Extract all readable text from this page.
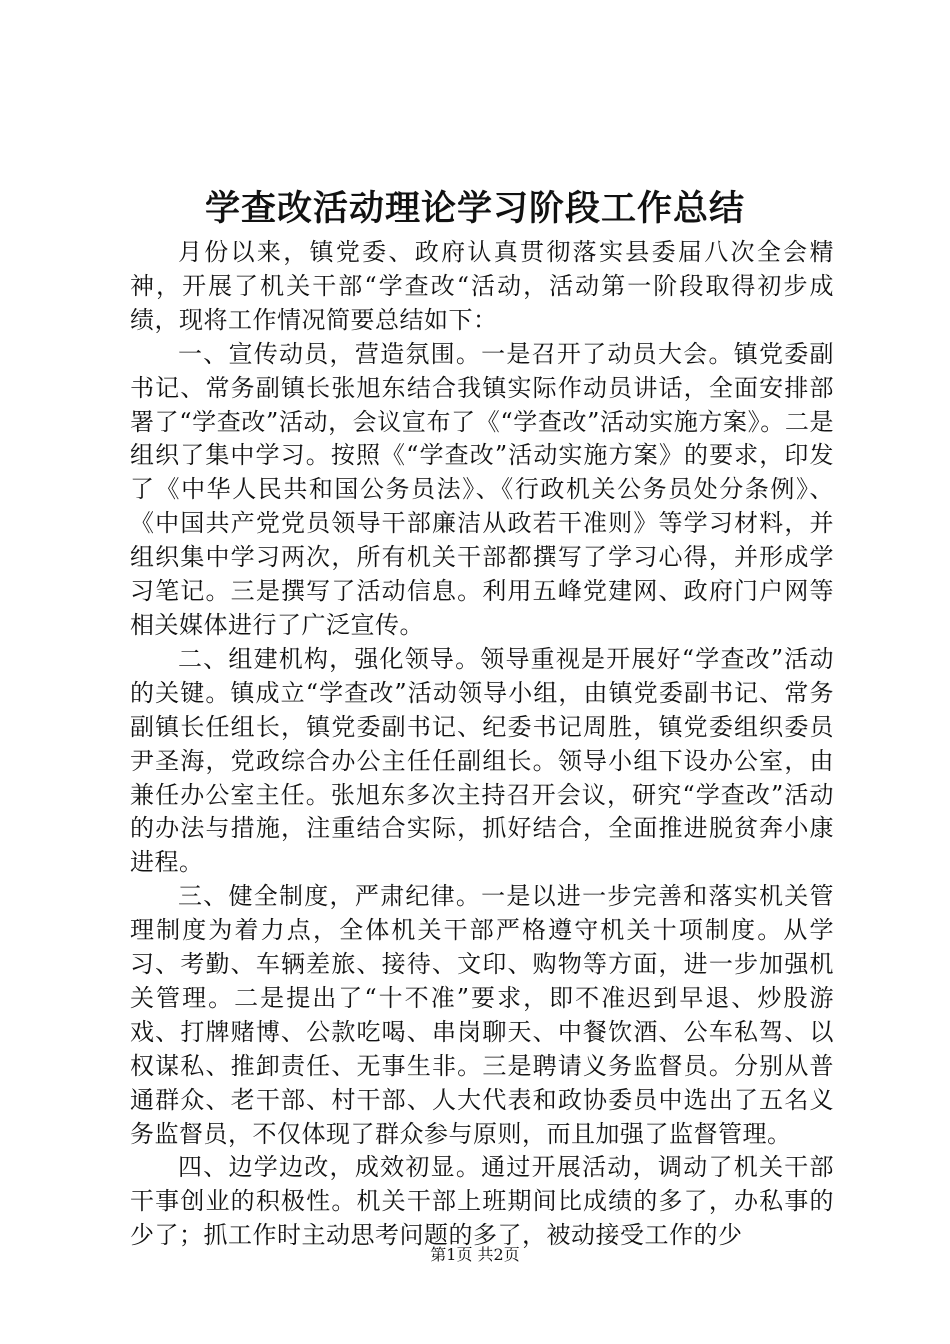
学查改活动理论学习阶段工作总结

月份以来，镇党委、政府认真贯彻落实县委届八次全会精神，开展了机关干部“学查改“活动，活动第一阶段取得初步成绩，现将工作情况简要总结如下：

一、宣传动员，营造氛围。一是召开了动员大会。镇党委副书记、常务副镇长张旭东结合我镇实际作动员讲话，全面安排部署了“学查改”活动，会议宣布了《“学查改”活动实施方案》。二是组织了集中学习。按照《“学查改”活动实施方案》的要求，印发了《中华人民共和国公务员法》、《行政机关公务员处分条例》、《中国共产党党员领导干部廉洁从政若干准则》等学习材料，并组织集中学习两次，所有机关干部都撰写了学习心得，并形成学习笔记。三是撰写了活动信息。利用五峰党建网、政府门户网等相关媒体进行了广泛宣传。

二、组建机构，强化领导。领导重视是开展好“学查改”活动的关键。镇成立“学查改”活动领导小组，由镇党委副书记、常务副镇长任组长，镇党委副书记、纪委书记周胜，镇党委组织委员尹圣海，党政综合办公主任任副组长。领导小组下设办公室，由兼任办公室主任。张旭东多次主持召开会议，研究“学查改”活动的办法与措施，注重结合实际，抓好结合，全面推进脱贫奔小康进程。

三、健全制度，严肃纪律。一是以进一步完善和落实机关管理制度为着力点，全体机关干部严格遵守机关十项制度。从学习、考勤、车辆差旅、接待、文印、购物等方面，进一步加强机关管理。二是提出了“十不准”要求，即不准迟到早退、炒股游戏、打牌赌博、公款吃喝、串岗聊天、中餐饮酒、公车私驾、以权谋私、推卸责任、无事生非。三是聘请义务监督员。分别从普通群众、老干部、村干部、人大代表和政协委员中选出了五名义务监督员，不仅体现了群众参与原则，而且加强了监督管理。

四、边学边改，成效初显。通过开展活动，调动了机关干部干事创业的积极性。机关干部上班期间比成绩的多了，办私事的少了；抓工作时主动思考问题的多了，被动接受工作的少

第1页 共2页
